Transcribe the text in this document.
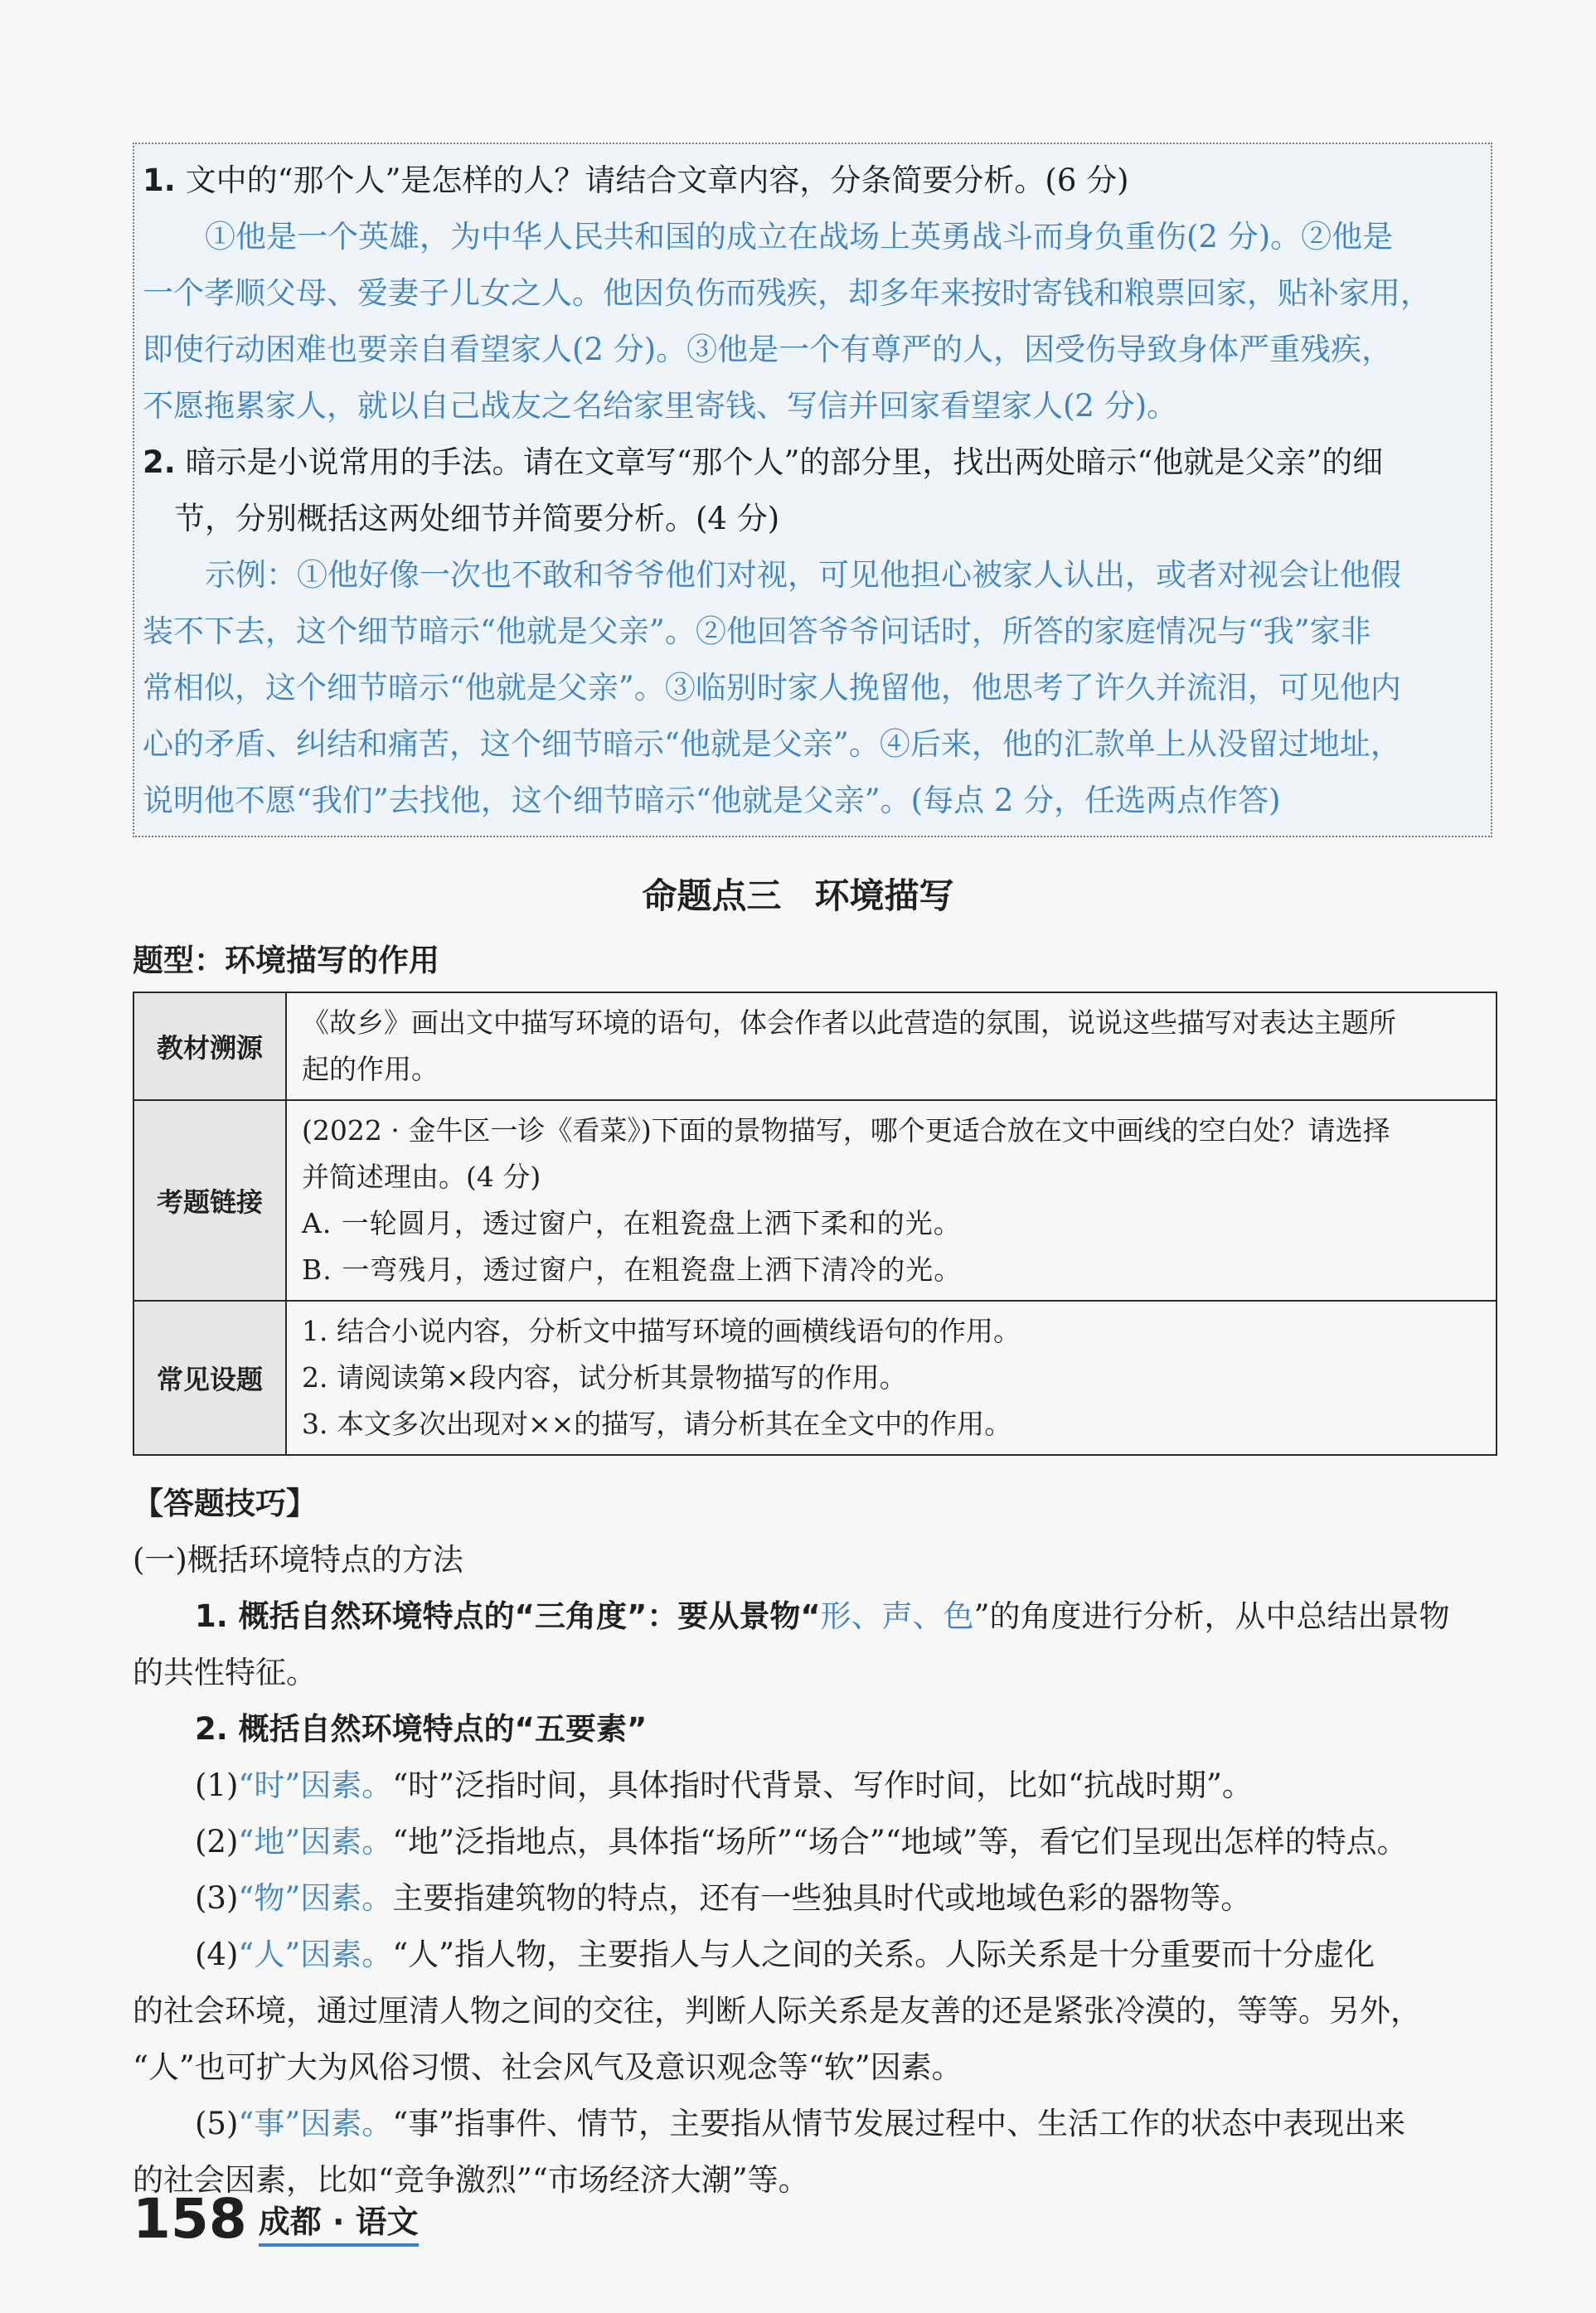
1. 文中的“那个人”是怎样的人？请结合文章内容，分条简要分析。(6 分)
①他是一个英雄，为中华人民共和国的成立在战场上英勇战斗而身负重伤(2 分)。②他是
一个孝顺父母、爱妻子儿女之人。他因负伤而残疾，却多年来按时寄钱和粮票回家，贴补家用，
即使行动困难也要亲自看望家人(2 分)。③他是一个有尊严的人，因受伤导致身体严重残疾，
不愿拖累家人，就以自己战友之名给家里寄钱、写信并回家看望家人(2 分)。
2. 暗示是小说常用的手法。请在文章写“那个人”的部分里，找出两处暗示“他就是父亲”的细
节，分别概括这两处细节并简要分析。(4 分)
示例：①他好像一次也不敢和爷爷他们对视，可见他担心被家人认出，或者对视会让他假
装不下去，这个细节暗示“他就是父亲”。②他回答爷爷问话时，所答的家庭情况与“我”家非
常相似，这个细节暗示“他就是父亲”。③临别时家人挽留他，他思考了许久并流泪，可见他内
心的矛盾、纠结和痛苦，这个细节暗示“他就是父亲”。④后来，他的汇款单上从没留过地址，
说明他不愿“我们”去找他，这个细节暗示“他就是父亲”。(每点 2 分，任选两点作答)
命题点三 环境描写
题型：环境描写的作用
教材溯源	《故乡》画出文中描写环境的语句，体会作者以此营造的氛围，说说这些描写对表达主题所
起的作用。

考题链接	(2022 · 金牛区一诊《看菜》)下面的景物描写，哪个更适合放在文中画线的空白处？请选择
并简述理由。(4 分)
A. 一轮圆月，透过窗户，在粗瓷盘上洒下柔和的光。
B. 一弯残月，透过窗户，在粗瓷盘上洒下清冷的光。

常见设题	1. 结合小说内容，分析文中描写环境的画横线语句的作用。
2. 请阅读第×段内容，试分析其景物描写的作用。
3. 本文多次出现对××的描写，请分析其在全文中的作用。
【答题技巧】
(一)概括环境特点的方法
1. 概括自然环境特点的“三角度”：要从景物“形、声、色”的角度进行分析，从中总结出景物
的共性特征。
2. 概括自然环境特点的“五要素”
(1)“时”因素。“时”泛指时间，具体指时代背景、写作时间，比如“抗战时期”。
(2)“地”因素。“地”泛指地点，具体指“场所”“场合”“地域”等，看它们呈现出怎样的特点。
(3)“物”因素。主要指建筑物的特点，还有一些独具时代或地域色彩的器物等。
(4)“人”因素。“人”指人物，主要指人与人之间的关系。人际关系是十分重要而十分虚化
的社会环境，通过厘清人物之间的交往，判断人际关系是友善的还是紧张冷漠的，等等。另外，
“人”也可扩大为风俗习惯、社会风气及意识观念等“软”因素。
(5)“事”因素。“事”指事件、情节，主要指从情节发展过程中、生活工作的状态中表现出来
的社会因素，比如“竞争激烈”“市场经济大潮”等。
158 成都 · 语文
